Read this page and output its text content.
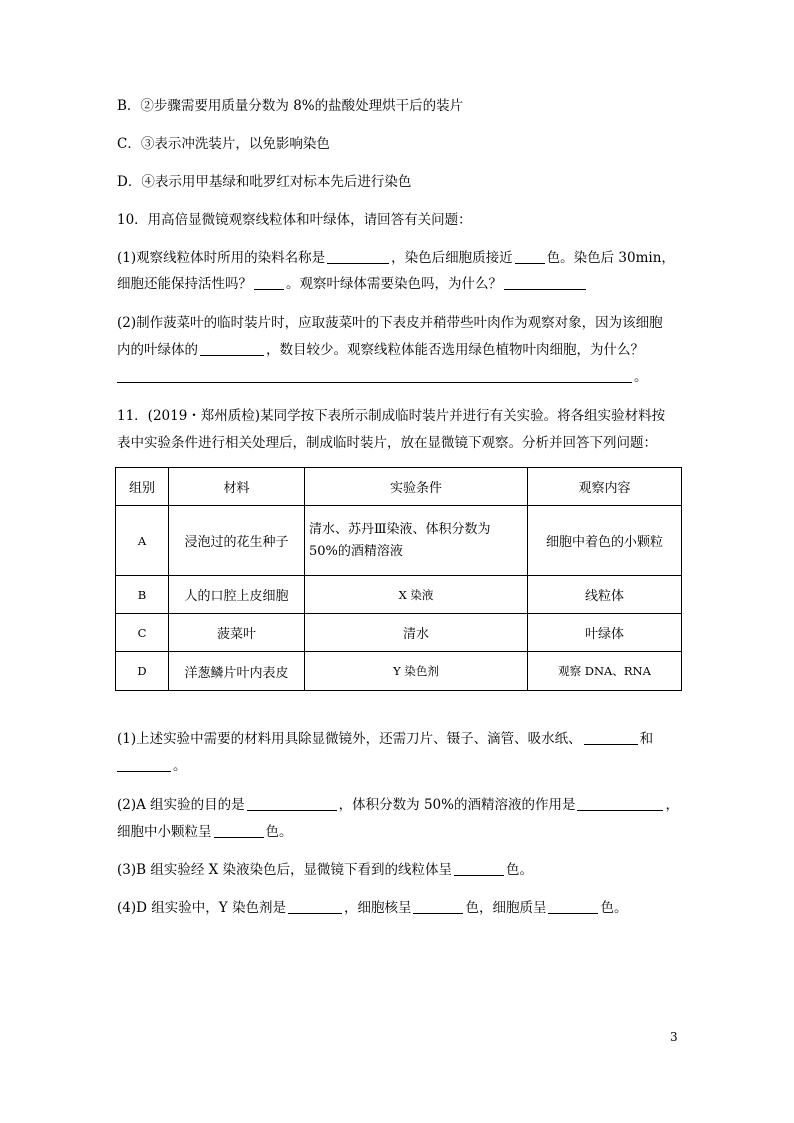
B．②步骤需要用质量分数为 8%的盐酸处理烘干后的装片
C．③表示冲洗装片，以免影响染色
D．④表示用甲基绿和吡罗红对标本先后进行染色
10．用高倍显微镜观察线粒体和叶绿体，请回答有关问题：
(1)观察线粒体时所用的染料名称是	，染色后细胞质接近	色。染色后 30min，
细胞还能保持活性吗？	。观察叶绿体需要染色吗，为什么？
(2)制作菠菜叶的临时装片时，应取菠菜叶的下表皮并稍带些叶肉作为观察对象，因为该细胞
内的叶绿体的	，数目较少。观察线粒体能否选用绿色植物叶肉细胞，为什么？
。
11．(2019・郑州质检)某同学按下表所示制成临时装片并进行有关实验。将各组实验材料按
表中实验条件进行相关处理后，制成临时装片，放在显微镜下观察。分析并回答下列问题：
组别	材料	实验条件	观察内容
A	浸泡过的花生种子	清水、苏丹Ⅲ染液、体积分数为 50%的酒精溶液	细胞中着色的小颗粒
B	人的口腔上皮细胞	X 染液	线粒体
C	菠菜叶	清水	叶绿体
D	洋葱鳞片叶内表皮	Y 染色剂	观察 DNA、RNA
(1)上述实验中需要的材料用具除显微镜外，还需刀片、镊子、滴管、吸水纸、	和
。
(2)A 组实验的目的是	，体积分数为 50%的酒精溶液的作用是	，
细胞中小颗粒呈	色。
(3)B 组实验经 X 染液染色后，显微镜下看到的线粒体呈	色。
(4)D 组实验中，Y 染色剂是	，细胞核呈	色，细胞质呈	色。
3
